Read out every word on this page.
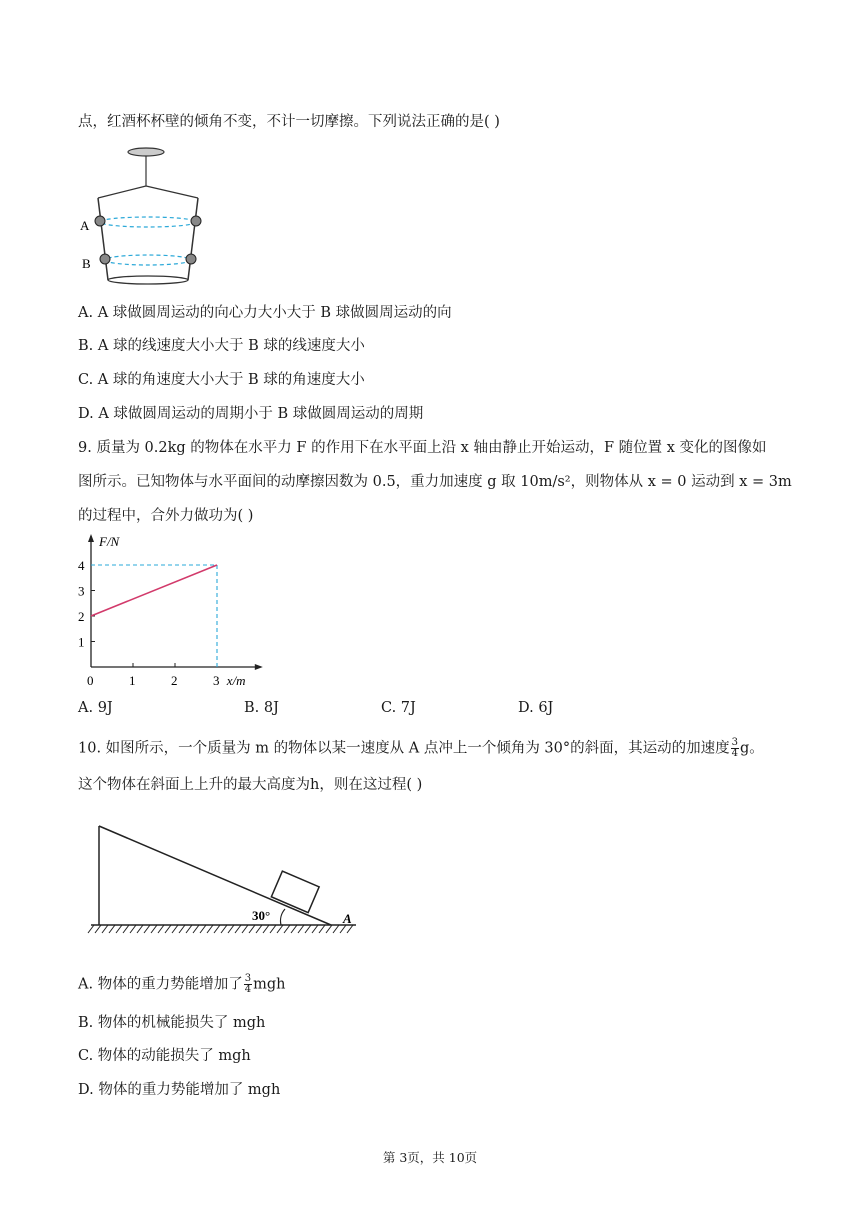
点，红酒杯杯壁的倾角不变，不计一切摩擦。下列说法正确的是( )
A
B
A. A 球做圆周运动的向心力大小大于 B 球做圆周运动的向
B. A 球的线速度大小大于 B 球的线速度大小
C. A 球的角速度大小大于 B 球的角速度大小
D. A 球做圆周运动的周期小于 B 球做圆周运动的周期
9. 质量为 0.2kg 的物体在水平力 F 的作用下在水平面上沿 x 轴由静止开始运动，F 随位置 x 变化的图像如
图所示。已知物体与水平面间的动摩擦因数为 0.5，重力加速度 g 取 10m/s²，则物体从 x = 0 运动到 x = 3m
的过程中，合外力做功为( )
0	1	2	3
1
2
3
4
x/m
F/N
A. 9J	B. 8J	C. 7J	D. 6J
10. 如图所示，一个质量为 m 的物体以某一速度从 A 点冲上一个倾角为 30°的斜面，其运动的加速度 $\frac{3}{4}$ g。
这个物体在斜面上上升的最大高度为h，则在这过程( )
30°	A
A. 物体的重力势能增加了 $\frac{3}{4}$ mgh
B. 物体的机械能损失了 mgh
C. 物体的动能损失了 mgh
D. 物体的重力势能增加了 mgh
第 3页，共 10页
